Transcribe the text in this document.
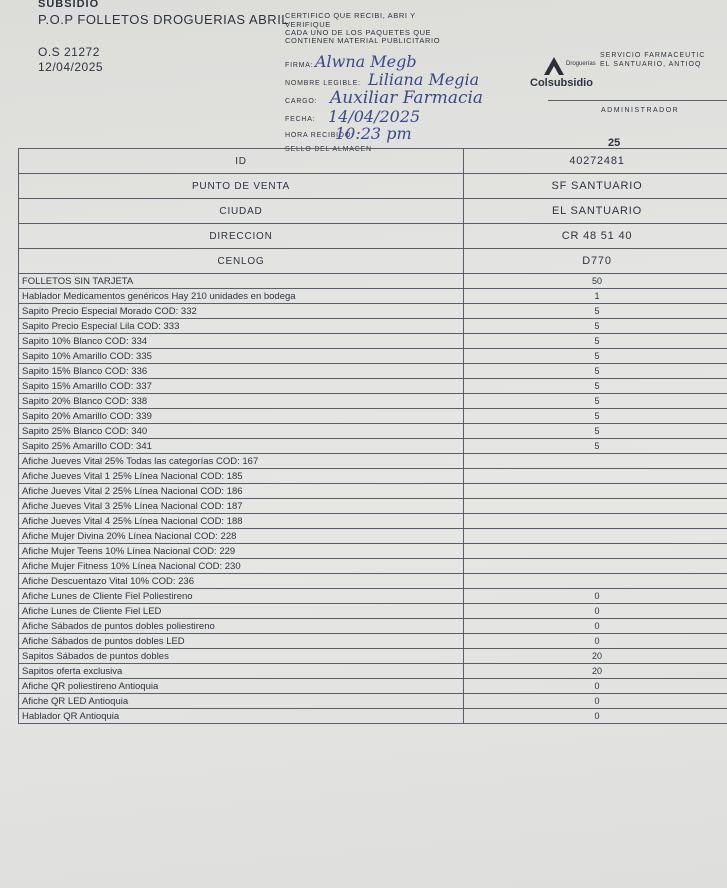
SUBSIDIO
P.O.P FOLLETOS DROGUERIAS ABRIL
O.S 21272
12/04/2025
CERTIFICO QUE RECIBI, ABRI Y
VERIFIQUE
CADA UNO DE LOS PAQUETES QUE
CONTIENEN MATERIAL PUBLICITARIO
FIRMA: Alwna Megb
NOMBRE LEGIBLE: Liliana Megia
CARGO: Auxiliar Farmacia
FECHA: 14/04/2025
HORA RECIBIDO:
10:23 pm
SELLO DEL ALMACEN
Droguerías
Colsubsidio
SERVICIO FARMACEUTIC
EL SANTUARIO, ANTIOQ
ADMINISTRADOR
25
ID	40272481
PUNTO DE VENTA	SF SANTUARIO
CIUDAD	EL SANTUARIO
DIRECCION	CR 48 51 40
CENLOG	D770
FOLLETOS SIN TARJETA	50
Hablador Medicamentos genéricos Hay 210 unidades en bodega	1
Sapito Precio Especial Morado COD: 332	5
Sapito Precio Especial Lila COD: 333	5
Sapito 10% Blanco COD: 334	5
Sapito 10% Amarillo COD: 335	5
Sapito 15% Blanco COD: 336	5
Sapito 15% Amarillo COD: 337	5
Sapito 20% Blanco COD: 338	5
Sapito 20% Amarillo COD: 339	5
Sapito 25% Blanco COD: 340	5
Sapito 25% Amarillo COD: 341	5
Afiche Jueves Vital 25% Todas las categorías COD: 167	
Afiche Jueves Vital 1 25% Línea Nacional COD: 185	
Afiche Jueves Vital 2 25% Línea Nacional COD: 186	
Afiche Jueves Vital 3 25% Línea Nacional COD: 187	
Afiche Jueves Vital 4 25% Línea Nacional COD: 188	
Afiche Mujer Divina 20% Línea Nacional COD: 228	
Afiche Mujer Teens 10% Línea Nacional COD: 229	
Afiche Mujer Fitness 10% Línea Nacional COD: 230	
Afiche Descuentazo Vital 10% COD: 236	
Afiche Lunes de Cliente Fiel Poliestireno	0
Afiche Lunes de Cliente Fiel LED	0
Afiche Sábados de puntos dobles poliestireno	0
Afiche Sábados de puntos dobles LED	0
Sapitos Sábados de puntos dobles	20
Sapitos oferta exclusiva	20
Afiche QR poliestireno Antioquia	0
Afiche QR LED Antioquia	0
Hablador QR Antioquia	0
